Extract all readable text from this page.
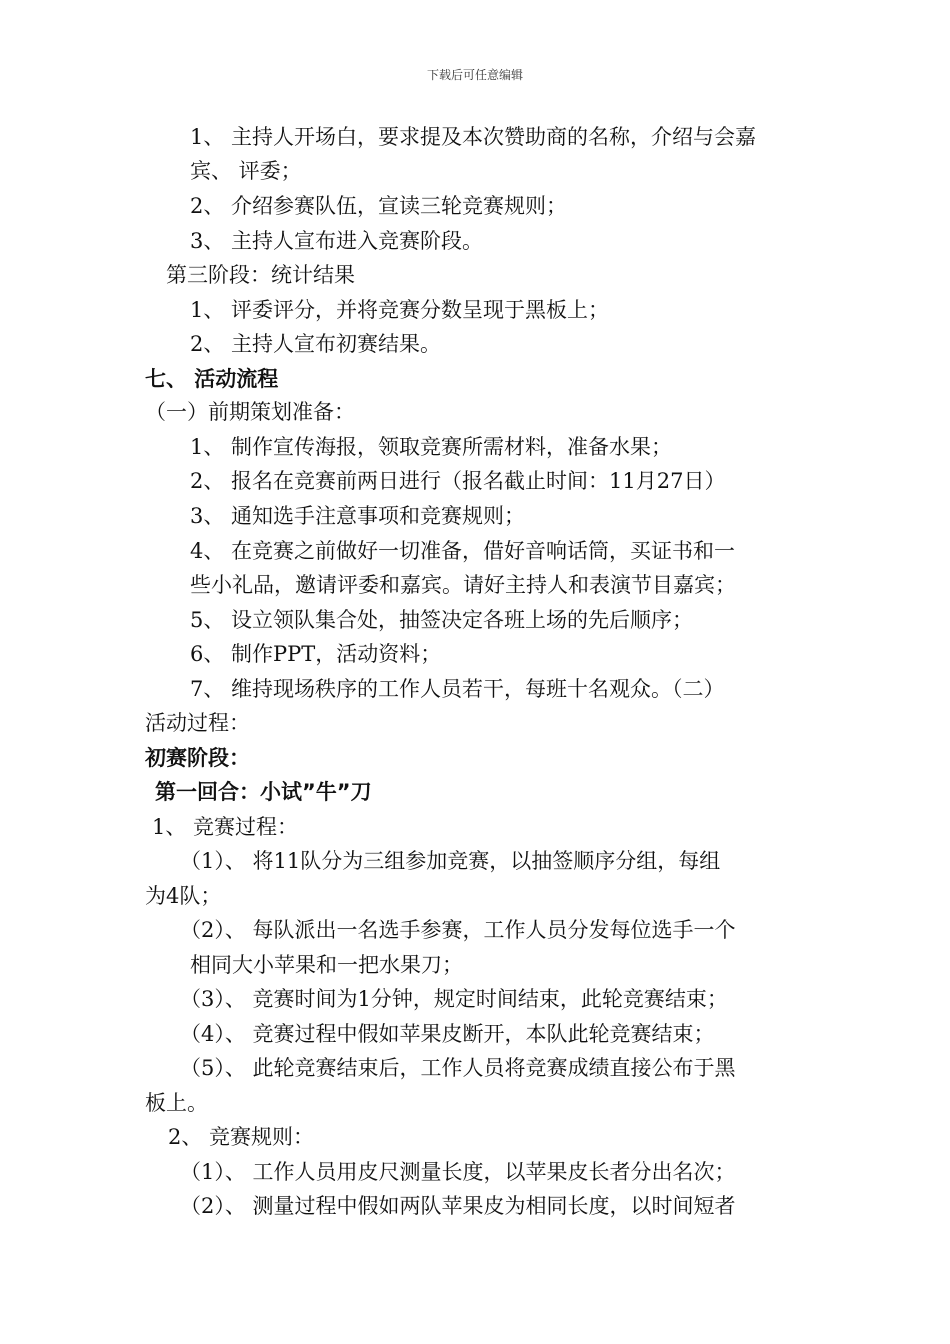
下载后可任意编辑
1、 主持人开场白，要求提及本次赞助商的名称，介绍与会嘉
宾、 评委；
2、 介绍参赛队伍，宣读三轮竞赛规则；
3、 主持人宣布进入竞赛阶段。
第三阶段：统计结果
1、 评委评分，并将竞赛分数呈现于黑板上；
2、 主持人宣布初赛结果。
七、 活动流程
（一）前期策划准备：
1、 制作宣传海报，领取竞赛所需材料，准备水果；
2、 报名在竞赛前两日进行（报名截止时间：11月27日）
3、 通知选手注意事项和竞赛规则；
4、 在竞赛之前做好一切准备，借好音响话筒，买证书和一
些小礼品，邀请评委和嘉宾。请好主持人和表演节目嘉宾；
5、 设立领队集合处，抽签决定各班上场的先后顺序；
6、 制作PPT，活动资料；
7、 维持现场秩序的工作人员若干，每班十名观众。（二）
活动过程：
初赛阶段：
第一回合：小试”牛”刀
1、 竞赛过程：
（1）、 将11队分为三组参加竞赛，以抽签顺序分组，每组
为4队；
（2）、 每队派出一名选手参赛，工作人员分发每位选手一个
相同大小苹果和一把水果刀；
（3）、 竞赛时间为1分钟，规定时间结束，此轮竞赛结束；
（4）、 竞赛过程中假如苹果皮断开，本队此轮竞赛结束；
（5）、 此轮竞赛结束后，工作人员将竞赛成绩直接公布于黑
板上。
2、 竞赛规则：
（1）、 工作人员用皮尺测量长度，以苹果皮长者分出名次；
（2）、 测量过程中假如两队苹果皮为相同长度，以时间短者
